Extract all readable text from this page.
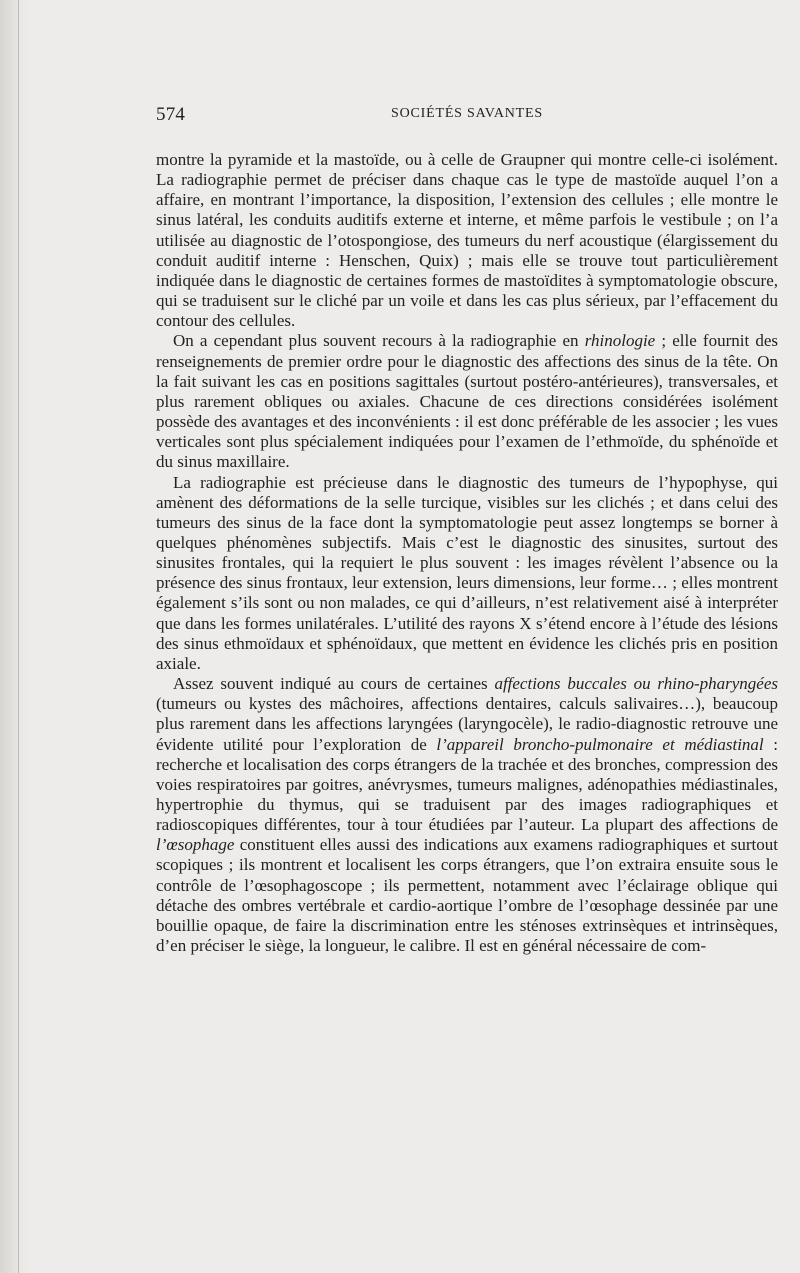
574	SOCIÉTÉS SAVANTES

montre la pyramide et la mastoïde, ou à celle de Graupner qui montre celle-ci isolément. La radiographie permet de préciser dans chaque cas le type de mastoïde auquel l’on a affaire, en montrant l’importance, la disposition, l’extension des cellules ; elle montre le sinus latéral, les conduits auditifs externe et interne, et même parfois le vestibule ; on l’a utilisée au diagnostic de l’otospongiose, des tumeurs du nerf acoustique (élargissement du conduit auditif interne : Henschen, Quix) ; mais elle se trouve tout particulièrement indiquée dans le diagnostic de certaines formes de mastoïdites à symptomatologie obscure, qui se traduisent sur le cliché par un voile et dans les cas plus sérieux, par l’effacement du contour des cellules.

On a cependant plus souvent recours à la radiographie en rhinologie ; elle fournit des renseignements de premier ordre pour le diagnostic des affections des sinus de la tête. On la fait suivant les cas en positions sagittales (surtout postéro-antérieures), transversales, et plus rarement obliques ou axiales. Chacune de ces directions considérées isolément possède des avantages et des inconvénients : il est donc préférable de les associer ; les vues verticales sont plus spécialement indiquées pour l’examen de l’ethmoïde, du sphénoïde et du sinus maxillaire.

La radiographie est précieuse dans le diagnostic des tumeurs de l’hypophyse, qui amènent des déformations de la selle turcique, visibles sur les clichés ; et dans celui des tumeurs des sinus de la face dont la symptomatologie peut assez longtemps se borner à quelques phénomènes subjectifs. Mais c’est le diagnostic des sinusites, surtout des sinusites frontales, qui la requiert le plus souvent : les images révèlent l’absence ou la présence des sinus frontaux, leur extension, leurs dimensions, leur forme… ; elles montrent également s’ils sont ou non malades, ce qui d’ailleurs, n’est relativement aisé à interpréter que dans les formes unilatérales. L’utilité des rayons X s’étend encore à l’étude des lésions des sinus ethmoïdaux et sphénoïdaux, que mettent en évidence les clichés pris en position axiale.

Assez souvent indiqué au cours de certaines affections buccales ou rhino-pharyngées (tumeurs ou kystes des mâchoires, affections dentaires, calculs salivaires…), beaucoup plus rarement dans les affections laryngées (laryngocèle), le radio-diagnostic retrouve une évidente utilité pour l’exploration de l’appareil broncho-pulmonaire et médiastinal : recherche et localisation des corps étrangers de la trachée et des bronches, compression des voies respiratoires par goitres, anévrysmes, tumeurs malignes, adénopathies médiastinales, hypertrophie du thymus, qui se traduisent par des images radiographiques et radioscopiques différentes, tour à tour étudiées par l’auteur. La plupart des affections de l’œsophage constituent elles aussi des indications aux examens radiographiques et surtout scopiques ; ils montrent et localisent les corps étrangers, que l’on extraira ensuite sous le contrôle de l’œsophagoscope ; ils permettent, notamment avec l’éclairage oblique qui détache des ombres vertébrale et cardio-aortique l’ombre de l’œsophage dessinée par une bouillie opaque, de faire la discrimination entre les sténoses extrinsèques et intrinsèques, d’en préciser le siège, la longueur, le calibre. Il est en général nécessaire de com-
